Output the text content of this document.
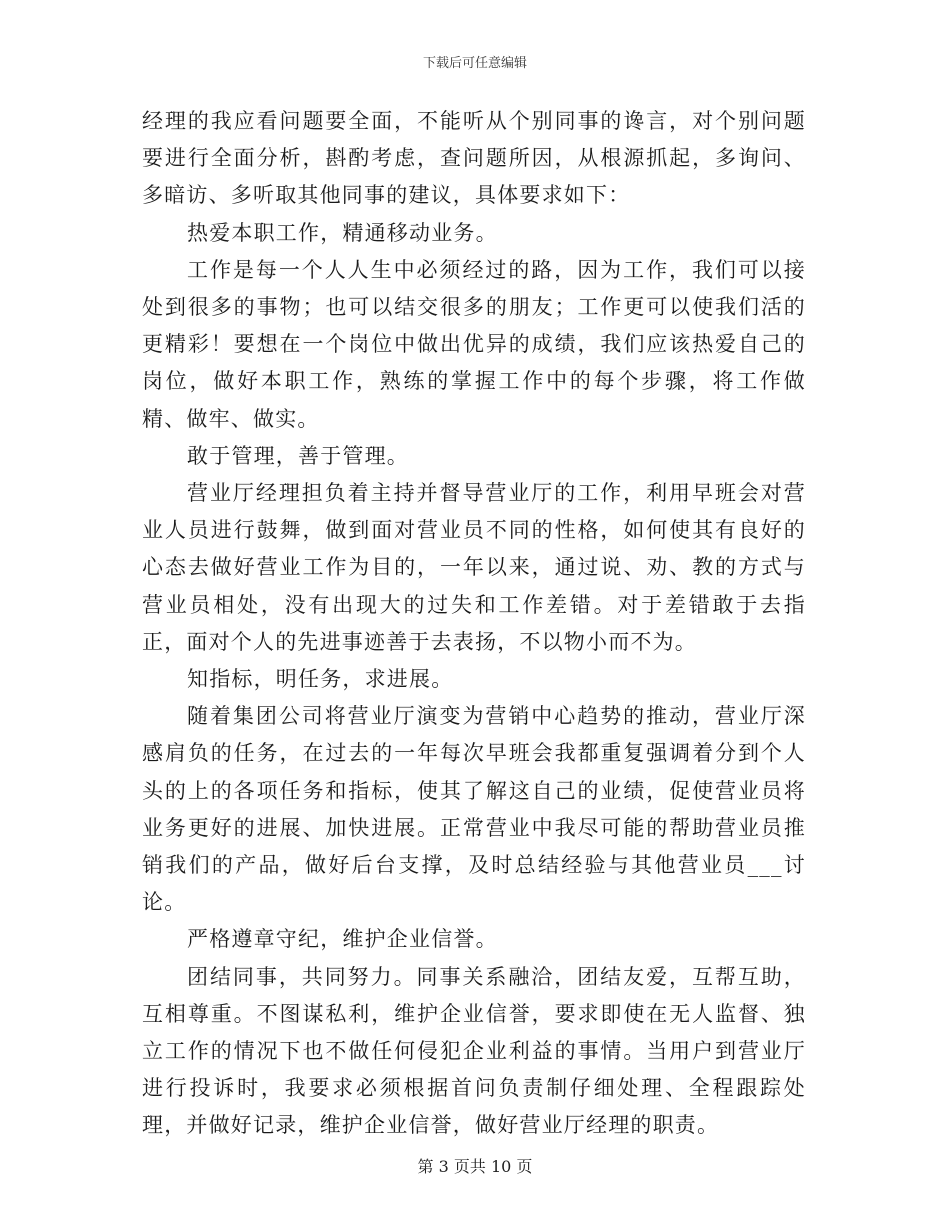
下载后可任意编辑

经理的我应看问题要全面，不能听从个别同事的谗言，对个别问题要进行全面分析，斟酌考虑，查问题所因，从根源抓起，多询问、多暗访、多听取其他同事的建议，具体要求如下：

热爱本职工作，精通移动业务。

工作是每一个人人生中必须经过的路，因为工作，我们可以接处到很多的事物；也可以结交很多的朋友；工作更可以使我们活的更精彩！要想在一个岗位中做出优异的成绩，我们应该热爱自己的岗位，做好本职工作，熟练的掌握工作中的每个步骤，将工作做精、做牢、做实。

敢于管理，善于管理。

营业厅经理担负着主持并督导营业厅的工作，利用早班会对营业人员进行鼓舞，做到面对营业员不同的性格，如何使其有良好的心态去做好营业工作为目的，一年以来，通过说、劝、教的方式与营业员相处，没有出现大的过失和工作差错。对于差错敢于去指正，面对个人的先进事迹善于去表扬，不以物小而不为。

知指标，明任务，求进展。

随着集团公司将营业厅演变为营销中心趋势的推动，营业厅深感肩负的任务，在过去的一年每次早班会我都重复强调着分到个人头的上的各项任务和指标，使其了解这自己的业绩，促使营业员将业务更好的进展、加快进展。正常营业中我尽可能的帮助营业员推销我们的产品，做好后台支撑，及时总结经验与其他营业员___讨论。

严格遵章守纪，维护企业信誉。

团结同事，共同努力。同事关系融洽，团结友爱，互帮互助，互相尊重。不图谋私利，维护企业信誉，要求即使在无人监督、独立工作的情况下也不做任何侵犯企业利益的事情。当用户到营业厅进行投诉时，我要求必须根据首问负责制仔细处理、全程跟踪处理，并做好记录，维护企业信誉，做好营业厅经理的职责。

第 3 页共 10 页
